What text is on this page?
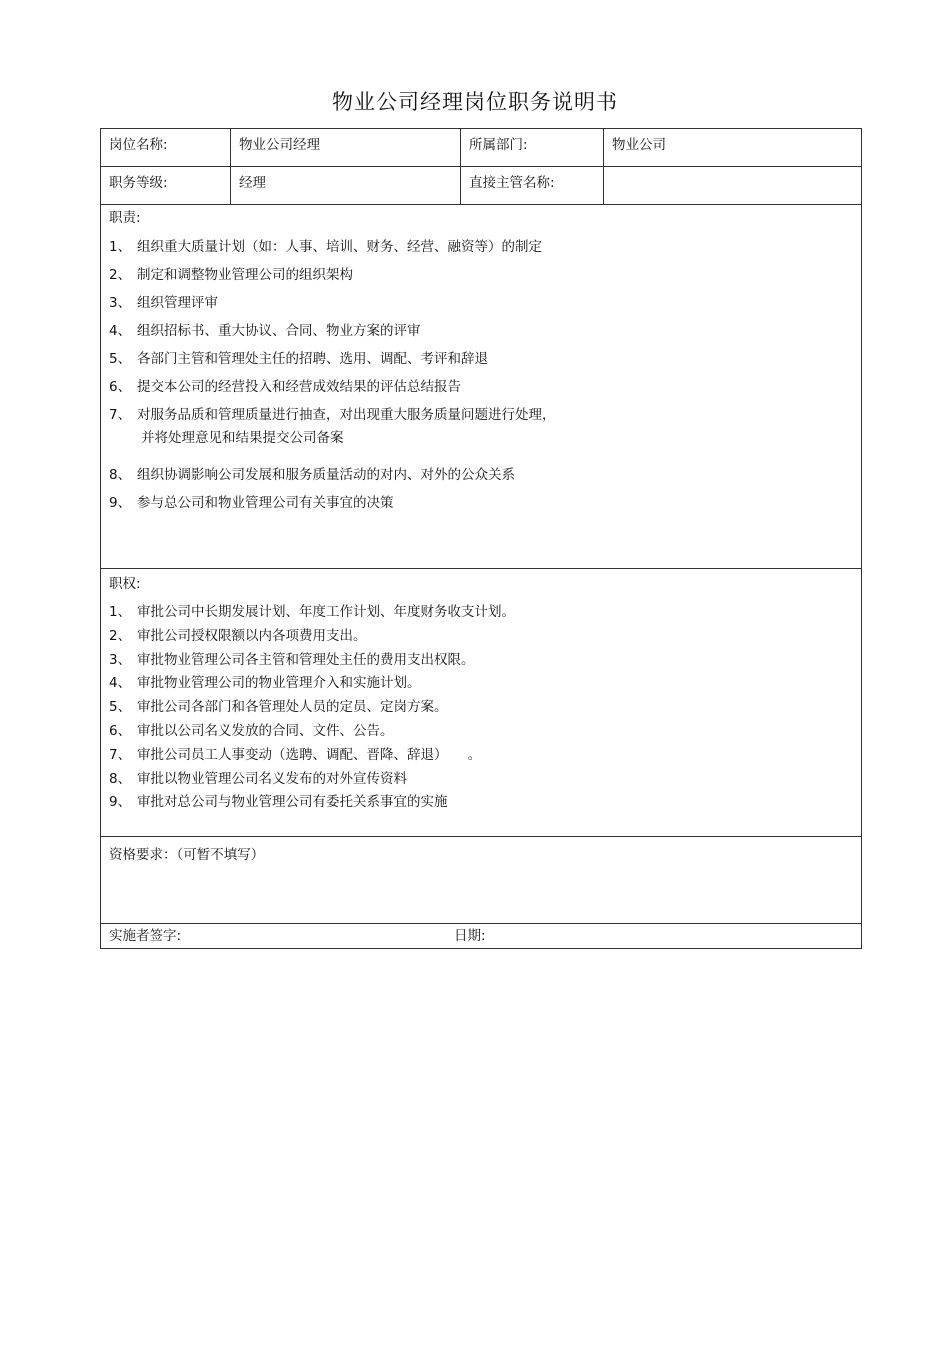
物业公司经理岗位职务说明书
岗位名称:	物业公司经理	所属部门:	物业公司
职务等级:	经理	直接主管名称:
职责:
1、 组织重大质量计划（如：人事、培训、财务、经营、融资等）的制定
2、 制定和调整物业管理公司的组织架构
3、 组织管理评审
4、 组织招标书、重大协议、合同、物业方案的评审
5、 各部门主管和管理处主任的招聘、选用、调配、考评和辞退
6、 提交本公司的经营投入和经营成效结果的评估总结报告
7、 对服务品质和管理质量进行抽查，对出现重大服务质量问题进行处理，
并将处理意见和结果提交公司备案
8、 组织协调影响公司发展和服务质量活动的对内、对外的公众关系
9、 参与总公司和物业管理公司有关事宜的决策
职权:
1、 审批公司中长期发展计划、年度工作计划、年度财务收支计划。
2、 审批公司授权限额以内各项费用支出。
3、 审批物业管理公司各主管和管理处主任的费用支出权限。
4、 审批物业管理公司的物业管理介入和实施计划。
5、 审批公司各部门和各管理处人员的定员、定岗方案。
6、 审批以公司名义发放的合同、文件、公告。
7、 审批公司员工人事变动（选聘、调配、晋降、辞退）　　。
8、 审批以物业管理公司名义发布的对外宣传资料
9、 审批对总公司与物业管理公司有委托关系事宜的实施
资格要求：（可暂不填写）
实施者签字:	日期:
